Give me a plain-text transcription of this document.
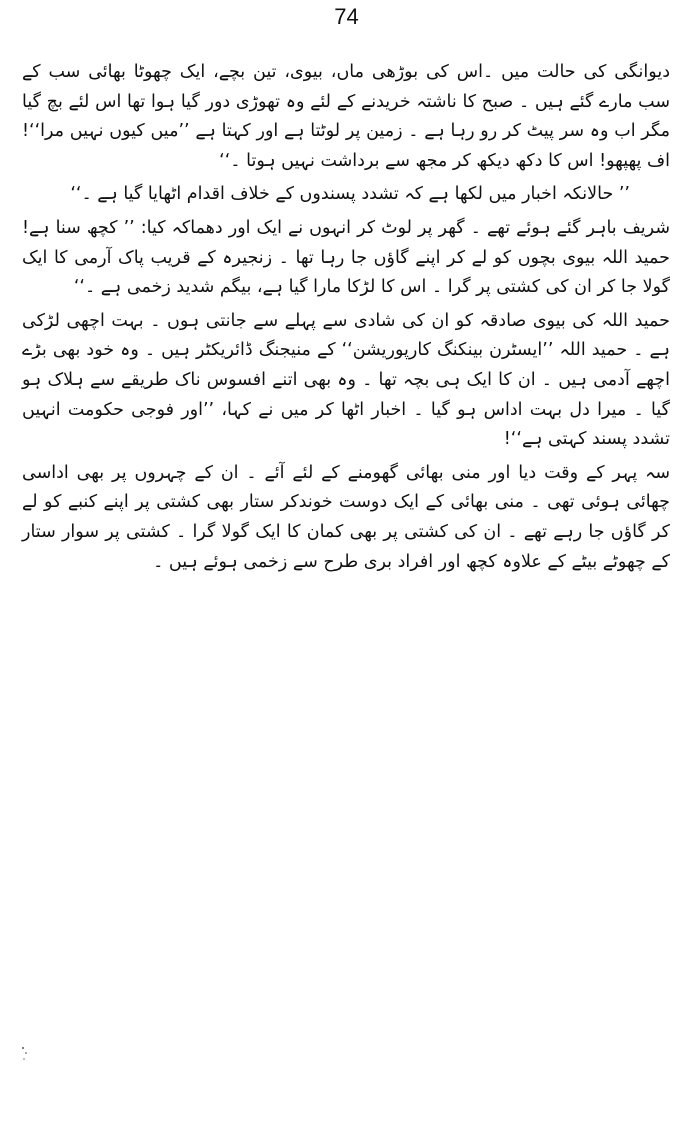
74

دیوانگی کی حالت میں ۔اس کی بوڑھی ماں، بیوی، تین بچے، ایک چھوٹا بھائی سب کے سب مارے گئے ہیں ۔ صبح کا ناشتہ خریدنے کے لئے وہ تھوڑی دور گیا ہوا تھا اس لئے بچ گیا مگر اب وہ سر پیٹ کر رو رہا ہے ۔ زمین پر لوٹتا ہے اور کہتا ہے ’’میں کیوں نہیں مرا‘‘! اف پھپھو! اس کا دکھ دیکھ کر مجھ سے برداشت نہیں ہوتا ۔‘‘

’’ حالانکہ اخبار میں لکھا ہے کہ تشدد پسندوں کے خلاف اقدام اٹھایا گیا ہے ۔‘‘

شریف باہر گئے ہوئے تھے ۔ گھر پر لوٹ کر انہوں نے ایک اور دھماکہ کیا: ’’ کچھ سنا ہے! حمید اللہ بیوی بچوں کو لے کر اپنے گاؤں جا رہا تھا ۔ زنجیرہ کے قریب پاک آرمی کا ایک گولا جا کر ان کی کشتی پر گرا ۔ اس کا لڑکا مارا گیا ہے، بیگم شدید زخمی ہے ۔‘‘

حمید اللہ کی بیوی صادقہ کو ان کی شادی سے پہلے سے جانتی ہوں ۔ بہت اچھی لڑکی ہے ۔ حمید اللہ ’’ایسٹرن بینکنگ کارپوریشن‘‘ کے منیجنگ ڈائریکٹر ہیں ۔ وہ خود بھی بڑے اچھے آدمی ہیں ۔ ان کا ایک ہی بچہ تھا ۔ وہ بھی اتنے افسوس ناک طریقے سے ہلاک ہو گیا ۔ میرا دل بہت اداس ہو گیا ۔ اخبار اٹھا کر میں نے کہا، ’’اور فوجی حکومت انہیں تشدد پسند کہتی ہے‘‘!

سہ پہر کے وقت دیا اور منی بھائی گھومنے کے لئے آئے ۔ ان کے چہروں پر بھی اداسی چھائی ہوئی تھی ۔ منی بھائی کے ایک دوست خوندکر ستار بھی کشتی پر اپنے کنبے کو لے کر گاؤں جا رہے تھے ۔ ان کی کشتی پر بھی کمان کا ایک گولا گرا ۔ کشتی پر سوار ستار کے چھوٹے بیٹے کے علاوہ کچھ اور افراد بری طرح سے زخمی ہوئے ہیں ۔
